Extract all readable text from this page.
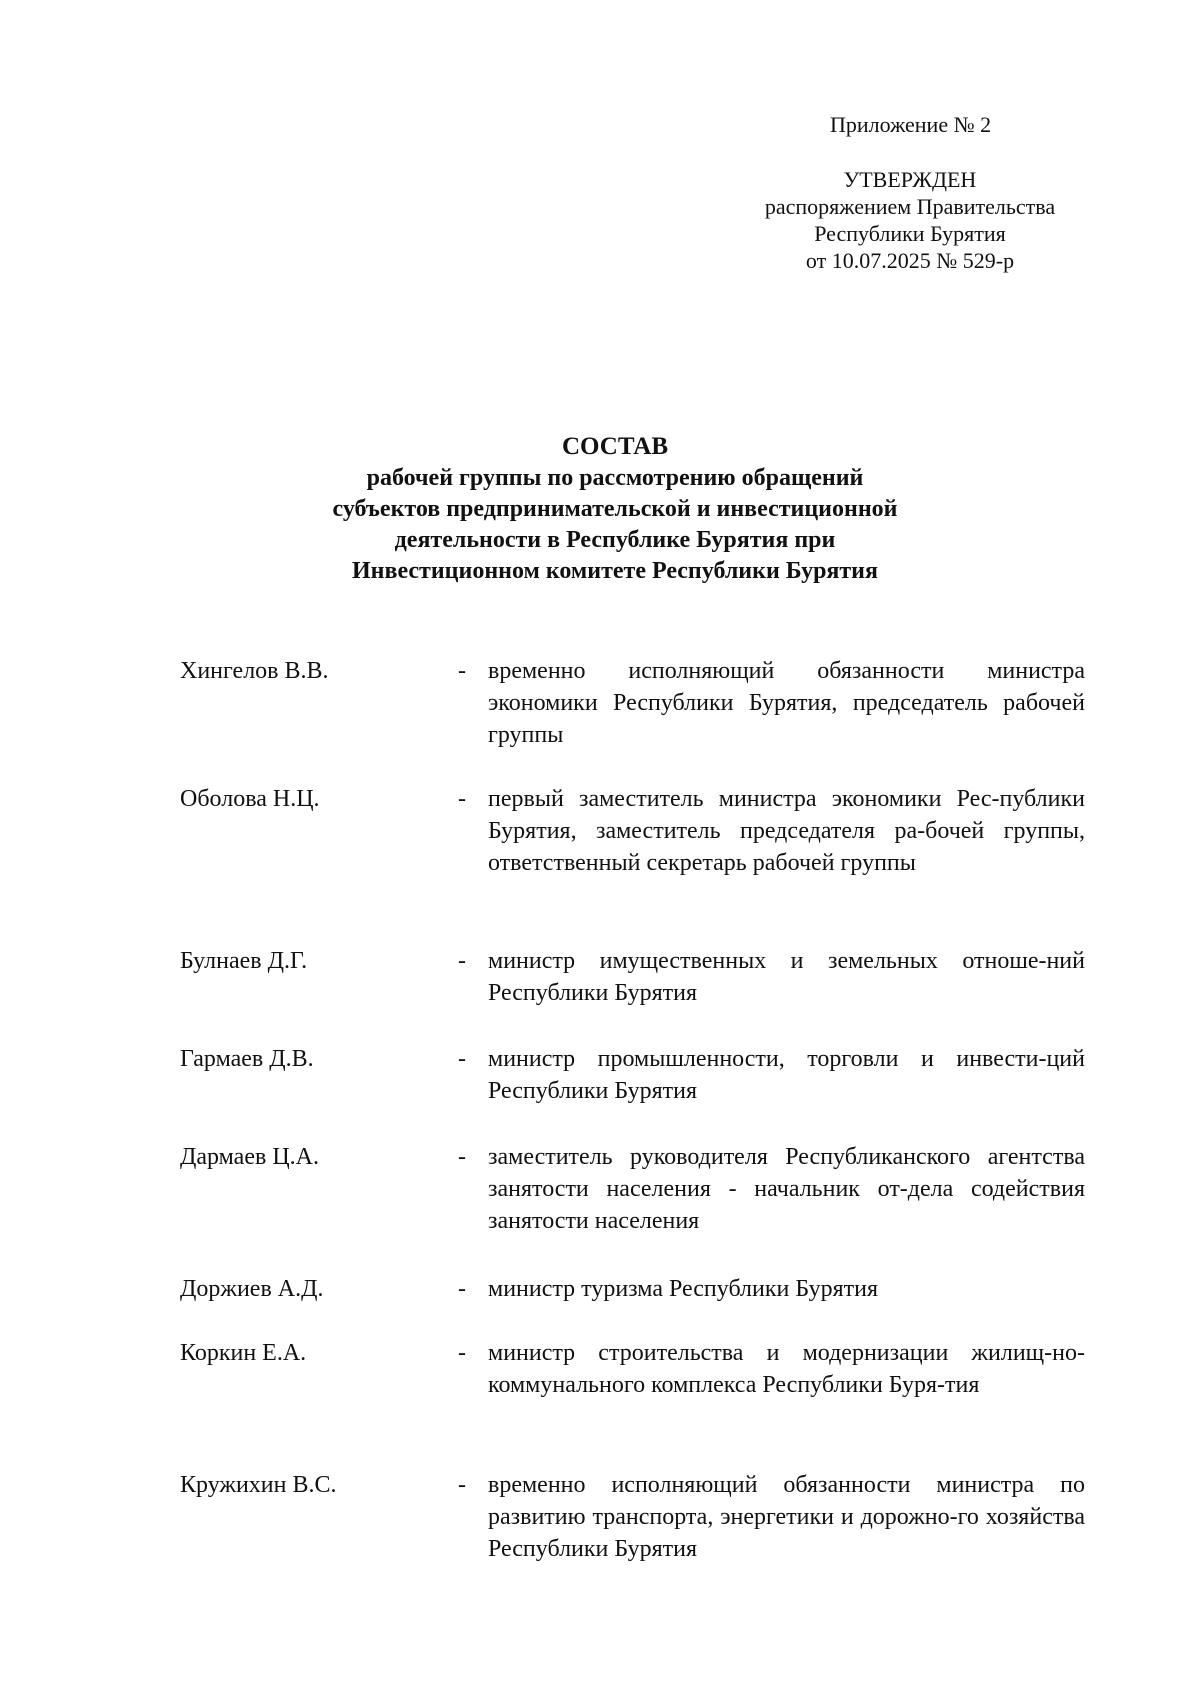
Приложение № 2
УТВЕРЖДЕН
распоряжением Правительства
Республики Бурятия
от 10.07.2025 № 529-р
СОСТАВ
рабочей группы по рассмотрению обращений
субъектов предпринимательской и инвестиционной
деятельности в Республике Бурятия при
Инвестиционном комитете Республики Бурятия
Хингелов В.В.	- временно исполняющий обязанности министра экономики Республики Бурятия, председатель рабочей группы
Оболова Н.Ц.	- первый заместитель министра экономики Рес-публики Бурятия, заместитель председателя ра-бочей группы, ответственный секретарь рабочей группы
Булнаев Д.Г.	- министр имущественных и земельных отноше-ний Республики Бурятия
Гармаев Д.В.	- министр промышленности, торговли и инвести-ций Республики Бурятия
Дармаев Ц.А.	- заместитель руководителя Республиканского агентства занятости населения - начальник от-дела содействия занятости населения
Доржиев А.Д.	- министр туризма Республики Бурятия
Коркин Е.А.	- министр строительства и модернизации жилищ-но-коммунального комплекса Республики Буря-тия
Кружихин В.С.	- временно исполняющий обязанности министра по развитию транспорта, энергетики и дорожно-го хозяйства Республики Бурятия
